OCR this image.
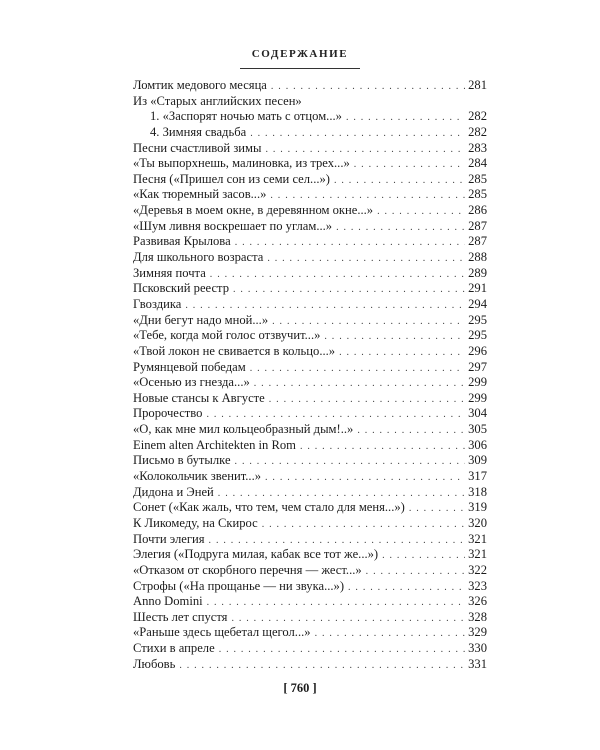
СОДЕРЖАНИЕ
Ломтик медового месяца . . .	281
Из «Старых английских песен»
1. «Заспорят ночью мать с отцом...» . . .	282
4. Зимняя свадьба . . .	282
Песни счастливой зимы . . .	283
«Ты выпорхнешь, малиновка, из трех...» . . .	284
Песня («Пришел сон из семи сел...») . . .	285
«Как тюремный засов...» . . .	285
«Деревья в моем окне, в деревянном окне...» . . .	286
«Шум ливня воскрешает по углам...» . . .	287
Развивая Крылова . . .	287
Для школьного возраста . . .	288
Зимняя почта . . .	289
Псковский реестр . . .	291
Гвоздика . . .	294
«Дни бегут надо мной...» . . .	295
«Тебе, когда мой голос отзвучит...» . . .	295
«Твой локон не свивается в кольцо...» . . .	296
Румянцевой победам . . .	297
«Осенью из гнезда...» . . .	299
Новые стансы к Августе . . .	299
Пророчество . . .	304
«О, как мне мил кольцеобразный дым!..» . . .	305
Einem alten Architekten in Rom . . .	306
Письмо в бутылке . . .	309
«Колокольчик звенит...» . . .	317
Дидона и Эней . . .	318
Сонет («Как жаль, что тем, чем стало для меня...») . . .	319
К Ликомеду, на Скирос . . .	320
Почти элегия . . .	321
Элегия («Подруга милая, кабак все тот же...») . . .	321
«Отказом от скорбного перечня — жест...» . . .	322
Строфы («На прощанье — ни звука...») . . .	323
Anno Domini . . .	326
Шесть лет спустя . . .	328
«Раньше здесь щебетал щегол...» . . .	329
Стихи в апреле . . .	330
Любовь . . .	331
[ 760 ]
